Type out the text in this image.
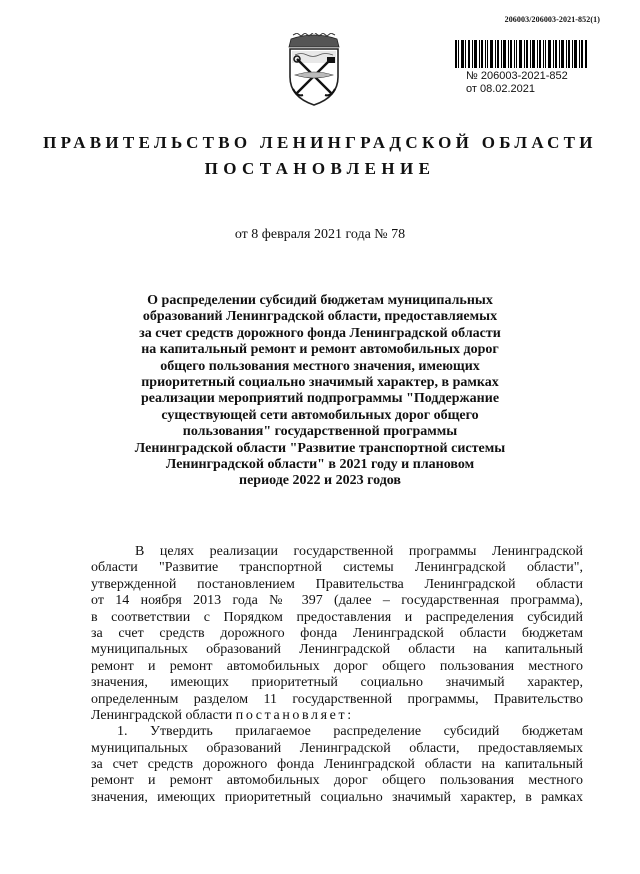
206003/206003-2021-852(1)
№ 206003-2021-852
от 08.02.2021
ПРАВИТЕЛЬСТВО ЛЕНИНГРАДСКОЙ ОБЛАСТИ
ПОСТАНОВЛЕНИЕ
от 8 февраля 2021 года № 78
О распределении субсидий бюджетам муниципальных
образований Ленинградской области, предоставляемых
за счет средств дорожного фонда Ленинградской области
на капитальный ремонт и ремонт автомобильных дорог
общего пользования местного значения, имеющих
приоритетный социально значимый характер, в рамках
реализации мероприятий подпрограммы "Поддержание
существующей сети автомобильных дорог общего
пользования" государственной программы
Ленинградской области "Развитие транспортной системы
Ленинградской области" в 2021 году и плановом
периоде 2022 и 2023 годов
В целях реализации государственной программы Ленинградской
области "Развитие транспортной системы Ленинградской области",
утвержденной постановлением Правительства Ленинградской области
от 14 ноября 2013 года № 397 (далее – государственная программа),
в соответствии с Порядком предоставления и распределения субсидий
за счет средств дорожного фонда Ленинградской области бюджетам
муниципальных образований Ленинградской области на капитальный
ремонт и ремонт автомобильных дорог общего пользования местного
значения, имеющих приоритетный социально значимый характер,
определенным разделом 11 государственной программы, Правительство
Ленинградской области постановляет:
1. Утвердить прилагаемое распределение субсидий бюджетам
муниципальных образований Ленинградской области, предоставляемых
за счет средств дорожного фонда Ленинградской области на капитальный
ремонт и ремонт автомобильных дорог общего пользования местного
значения, имеющих приоритетный социально значимый характер, в рамках
